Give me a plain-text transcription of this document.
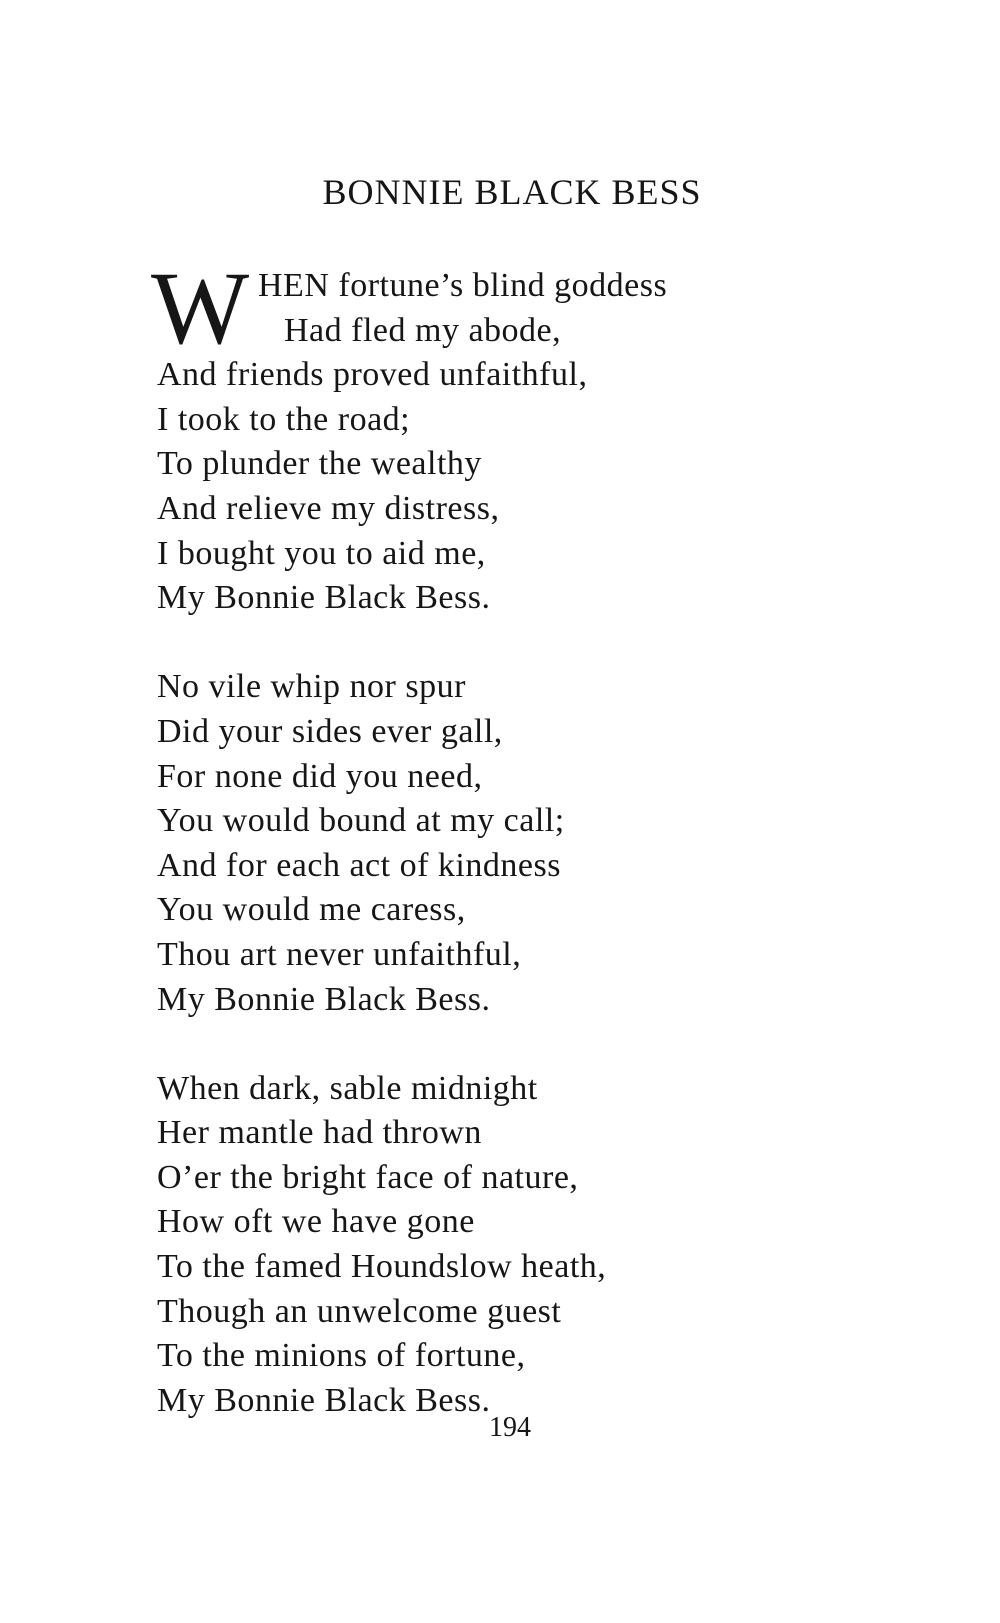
BONNIE BLACK BESS
W HEN fortune’s blind goddess
Had fled my abode,
And friends proved unfaithful,
I took to the road;
To plunder the wealthy
And relieve my distress,
I bought you to aid me,
My Bonnie Black Bess.
No vile whip nor spur
Did your sides ever gall,
For none did you need,
You would bound at my call;
And for each act of kindness
You would me caress,
Thou art never unfaithful,
My Bonnie Black Bess.
When dark, sable midnight
Her mantle had thrown
O’er the bright face of nature,
How oft we have gone
To the famed Houndslow heath,
Though an unwelcome guest
To the minions of fortune,
My Bonnie Black Bess.
194
